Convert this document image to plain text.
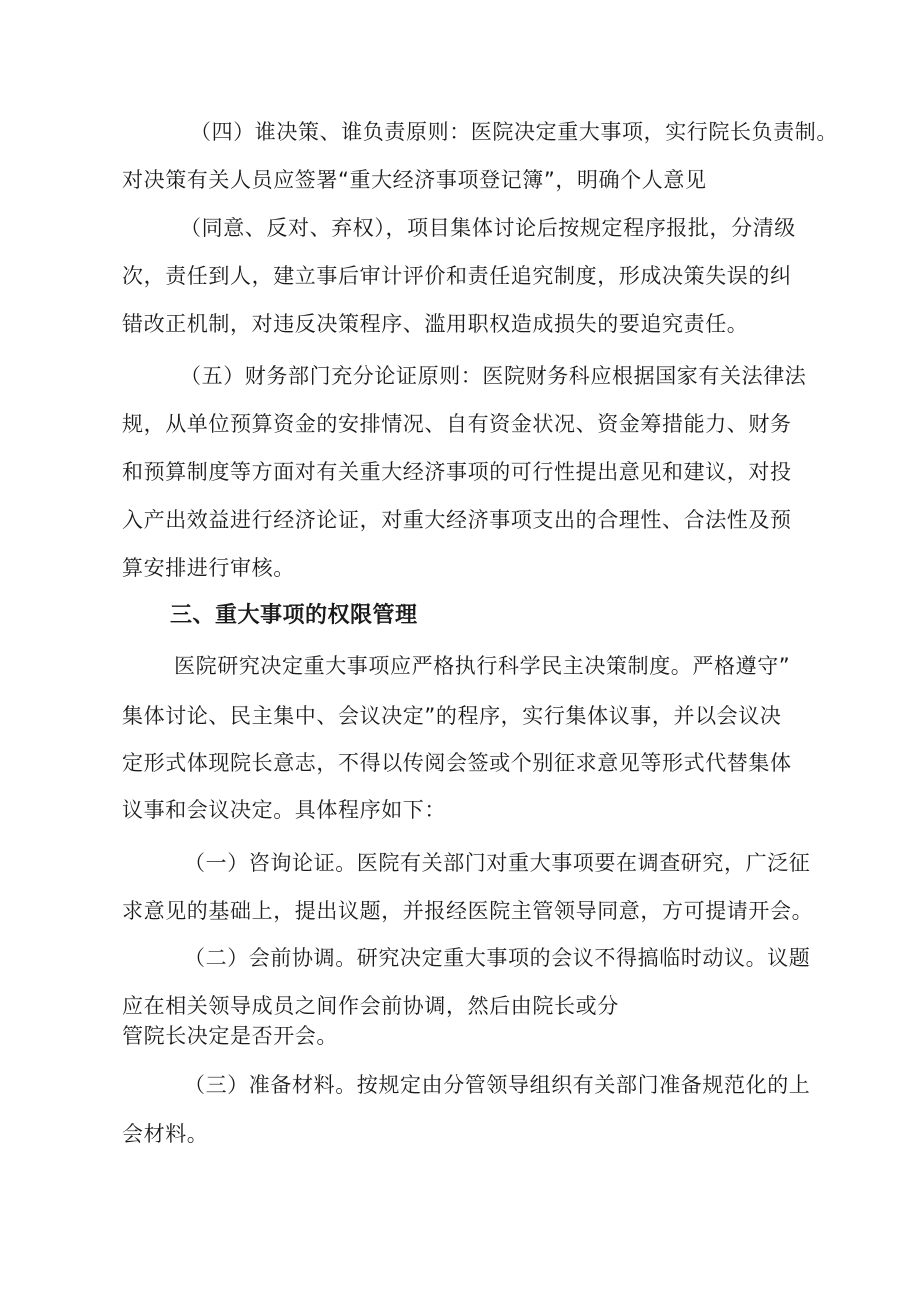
（四）谁决策、谁负责原则：医院决定重大事项，实行院长负责制。
对决策有关人员应签署“重大经济事项登记簿”，明确个人意见
（同意、反对、弃权），项目集体讨论后按规定程序报批，分清级
次，责任到人，建立事后审计评价和责任追究制度，形成决策失误的纠
错改正机制，对违反决策程序、滥用职权造成损失的要追究责任。
（五）财务部门充分论证原则：医院财务科应根据国家有关法律法
规，从单位预算资金的安排情况、自有资金状况、资金筹措能力、财务
和预算制度等方面对有关重大经济事项的可行性提出意见和建议，对投
入产出效益进行经济论证，对重大经济事项支出的合理性、合法性及预
算安排进行审核。
三、重大事项的权限管理
医院研究决定重大事项应严格执行科学民主决策制度。严格遵守”
集体讨论、民主集中、会议决定”的程序，实行集体议事，并以会议决
定形式体现院长意志，不得以传阅会签或个别征求意见等形式代替集体
议事和会议决定。具体程序如下：
（一）咨询论证。医院有关部门对重大事项要在调查研究，广泛征
求意见的基础上，提出议题，并报经医院主管领导同意，方可提请开会。
（二）会前协调。研究决定重大事项的会议不得搞临时动议。议题
应在相关领导成员之间作会前协调，然后由院长或分
管院长决定是否开会。
（三）准备材料。按规定由分管领导组织有关部门准备规范化的上
会材料。
